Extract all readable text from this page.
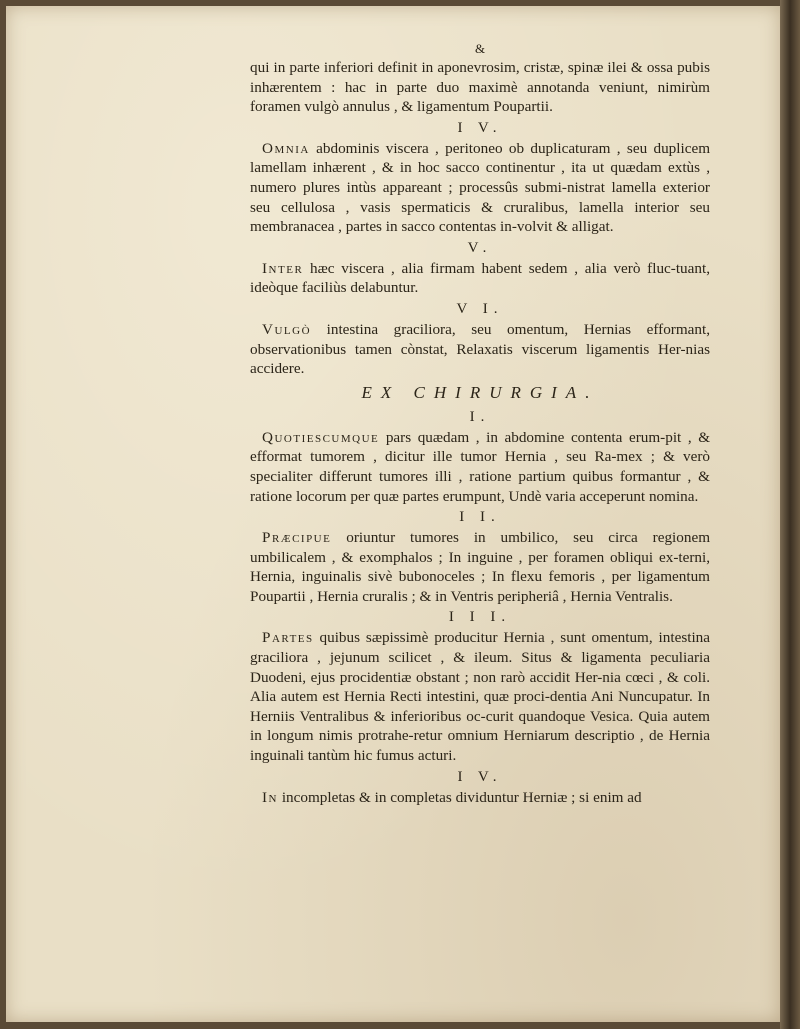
&

qui in parte inferiori definit in aponevrosim, cristæ, spinæ ilei & ossa pubis inhærentem : hac in parte duo maximè annotanda veniunt, nimirùm foramen vulgò annulus , & ligamentum Poupartii.

I V.

Omnia abdominis viscera , peritoneo ob duplicaturam , seu duplicem lamellam inhærent , & in hoc sacco continentur , ita ut quædam extùs , numero plures intùs appareant ; processûs submi-nistrat lamella exterior seu cellulosa , vasis spermaticis & cruralibus, lamella interior seu membranacea , partes in sacco contentas in-volvit & alligat.

V.

Inter hæc viscera , alia firmam habent sedem , alia verò fluc-tuant, ideòque faciliùs delabuntur.

V I.

Vulgò intestina graciliora, seu omentum, Hernias efformant, observationibus tamen cònstat, Relaxatis viscerum ligamentis Her-nias accidere.

EX CHIRURGIA.
I.

Quotiescumque pars quædam , in abdomine contenta erum-pit , & efformat tumorem , dicitur ille tumor Hernia , seu Ra-mex ; & verò specialiter differunt tumores illi , ratione partium quibus formantur , & ratione locorum per quæ partes erumpunt, Undè varia acceperunt nomina.

I I.

Præcipue oriuntur tumores in umbilico, seu circa regionem umbilicalem , & exomphalos ; In inguine , per foramen obliqui ex-terni, Hernia, inguinalis sivè bubonoceles ; In flexu femoris , per ligamentum Poupartii , Hernia cruralis ; & in Ventris peripheriâ , Hernia Ventralis.

I I I.

Partes quibus sæpissimè producitur Hernia , sunt omentum, intestina graciliora , jejunum scilicet , & ileum. Situs & ligamenta peculiaria Duodeni, ejus procidentiæ obstant ; non rarò accidit Her-nia cœci , & coli. Alia autem est Hernia Recti intestini, quæ proci-dentia Ani Nuncupatur. In Herniis Ventralibus & inferioribus oc-curit quandoque Vesica. Quia autem in longum nimis protrahe-retur omnium Herniarum descriptio , de Hernia inguinali tantùm hic fumus acturi.

I V.

In incompletas & in completas dividuntur Herniæ ; si enim ad
